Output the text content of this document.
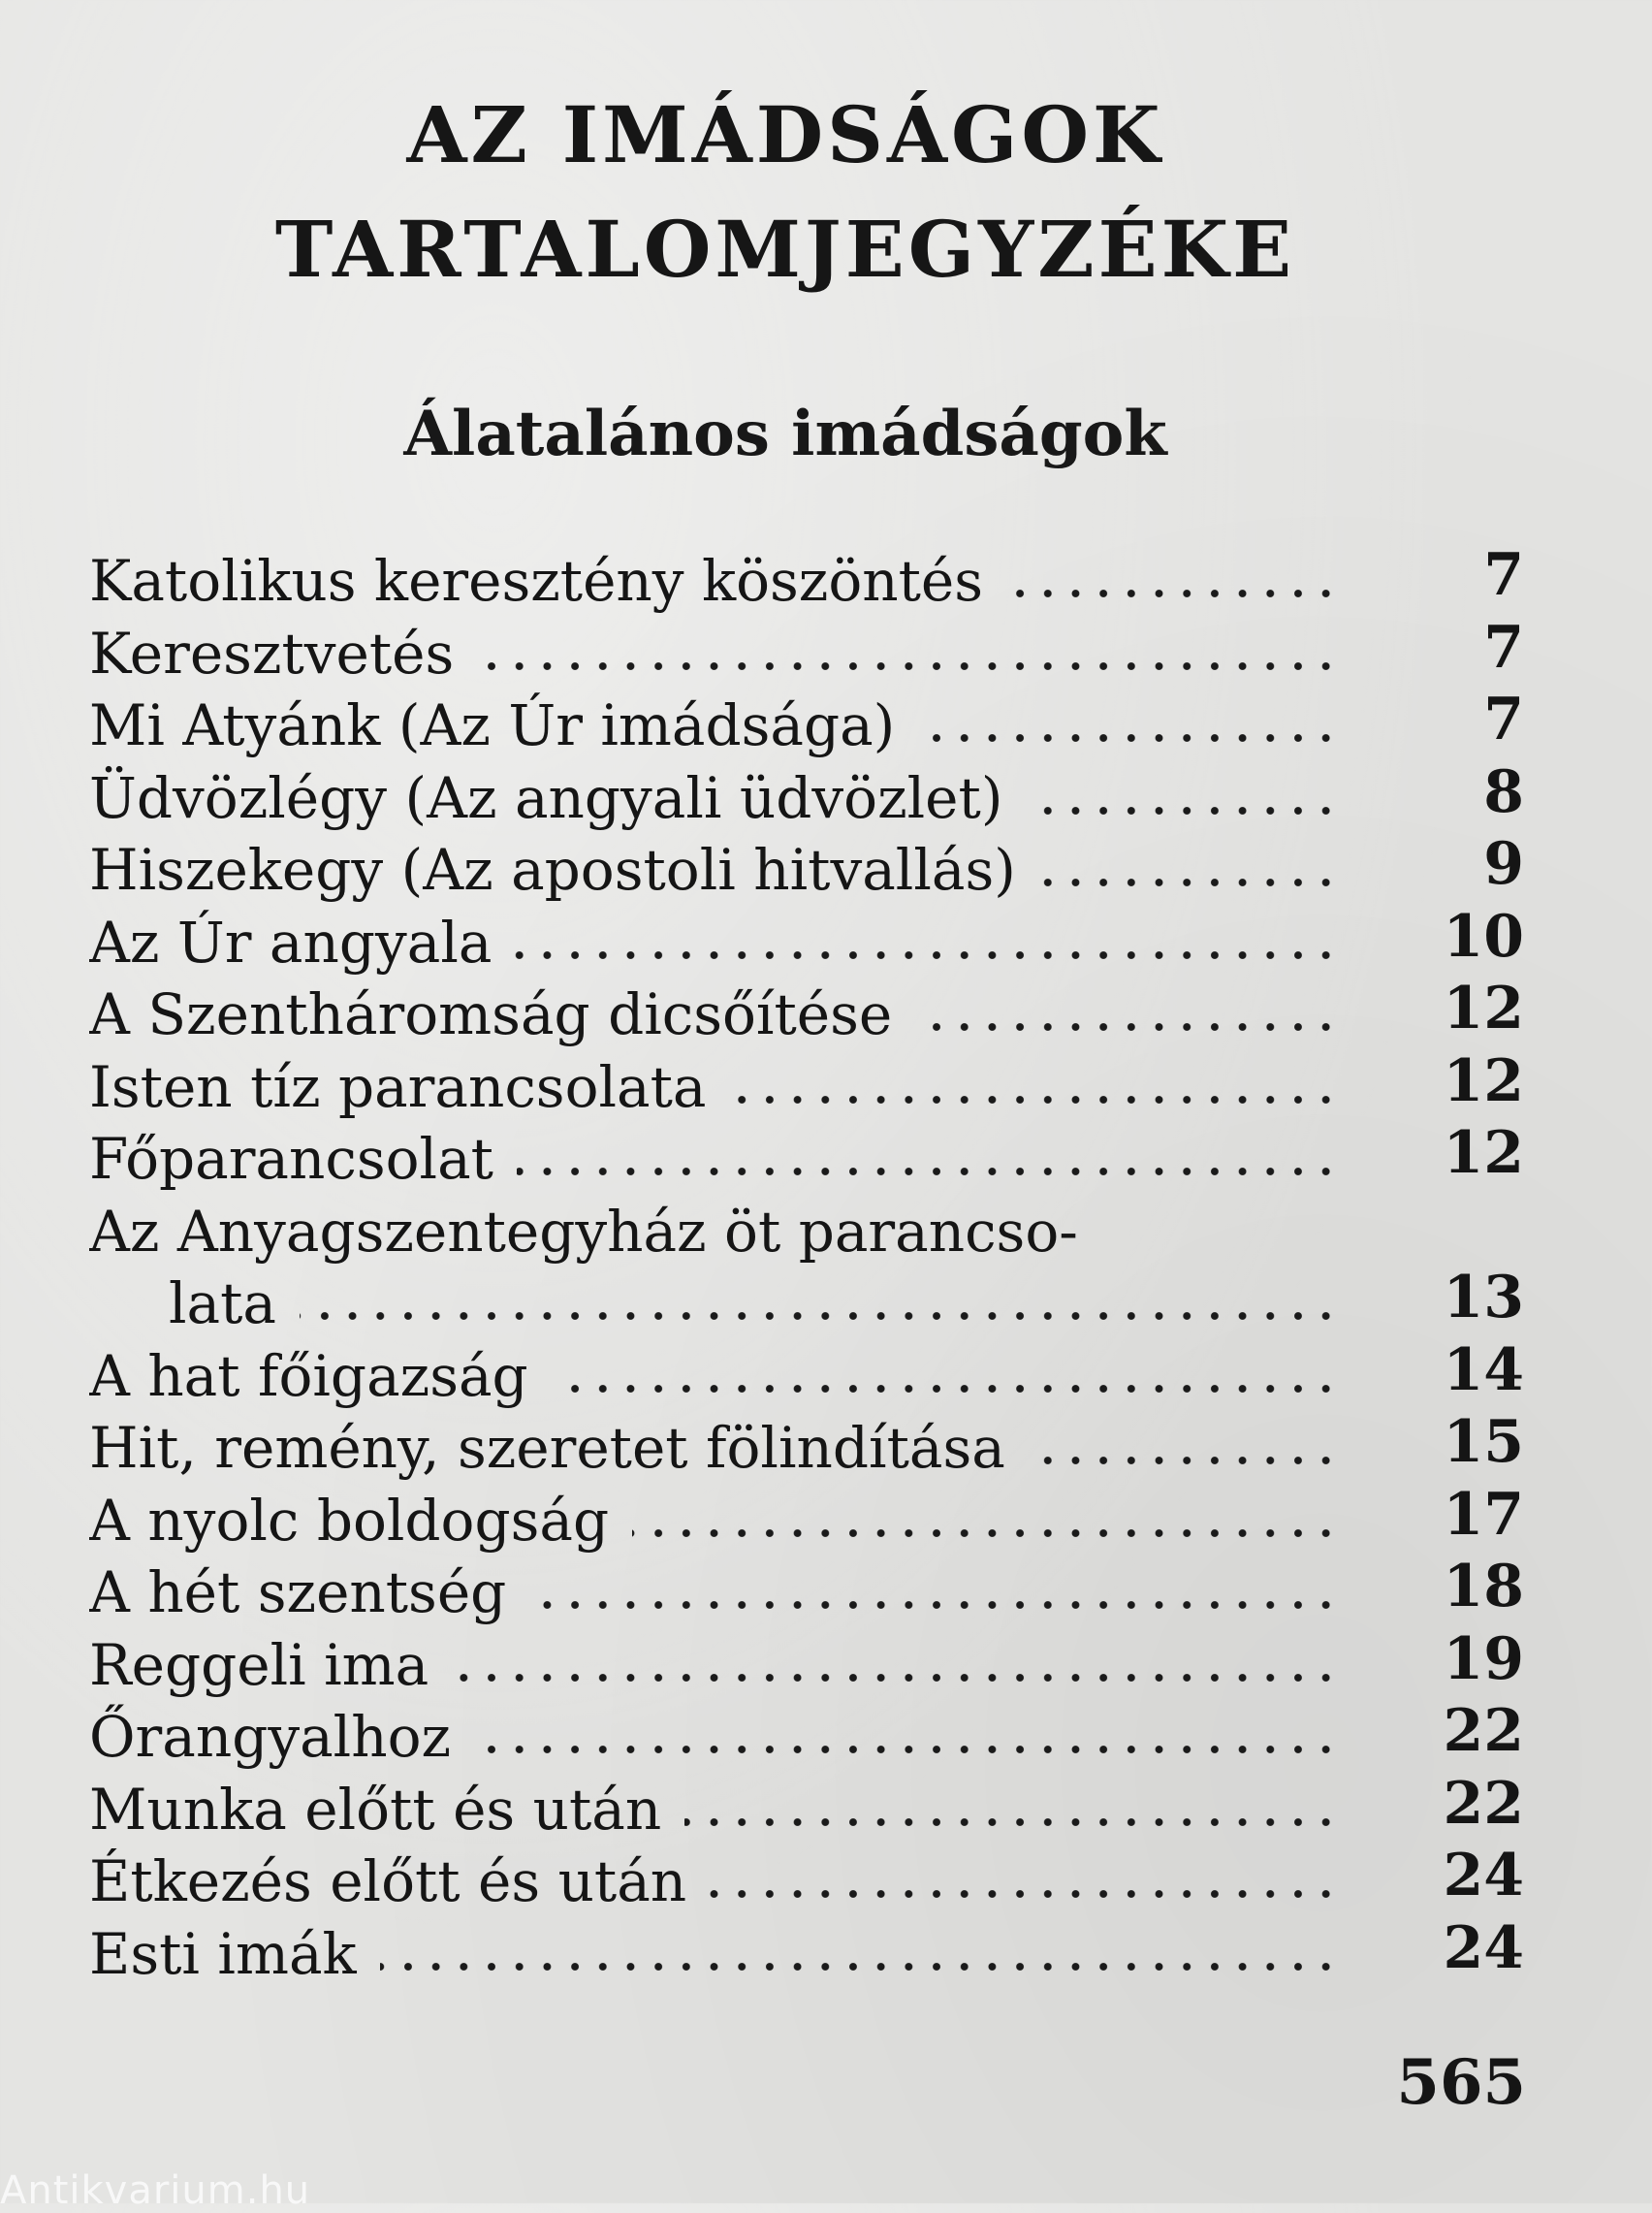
AZ IMÁDSÁGOK
TARTALOMJEGYZÉKE
Álatalános imádságok
Katolikus keresztény köszöntés	7
Keresztvetés	7
Mi Atyánk (Az Úr imádsága)	7
Üdvözlégy (Az angyali üdvözlet)	8
Hiszekegy (Az apostoli hitvallás)	9
Az Úr angyala	10
A Szentháromság dicsőítése	12
Isten tíz parancsolata	12
Főparancsolat	12
Az Anyagszentegyház öt parancso-
lata	13
A hat főigazság	14
Hit, remény, szeretet fölindítása	15
A nyolc boldogság	17
A hét szentség	18
Reggeli ima	19
Őrangyalhoz	22
Munka előtt és után	22
Étkezés előtt és után	24
Esti imák	24
565
Antikvarium.hu
